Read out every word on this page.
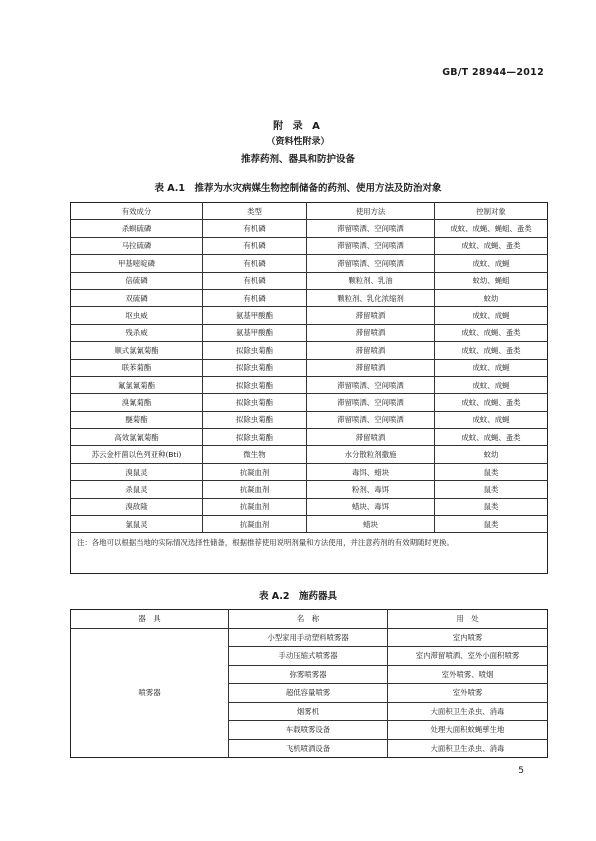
GB/T 28944—2012
附 录 A
（资料性附录）
推荐药剂、器具和防护设备
表 A.1　推荐为水灾病媒生物控制储备的药剂、使用方法及防治对象
有效成分	类型	使用方法	控制对象
杀螟硫磷	有机磷	滞留喷洒、空间喷洒	成蚊、成蝇、蝇蛆、蚤类
马拉硫磷	有机磷	滞留喷洒、空间喷洒	成蚊、成蝇、蚤类
甲基嘧啶磷	有机磷	滞留喷洒、空间喷洒	成蚊、成蝇
倍硫磷	有机磷	颗粒剂、乳油	蚊幼、蝇蛆
双硫磷	有机磷	颗粒剂、乳化浓缩剂	蚊幼
𫭟虫威	氨基甲酸酯	滞留喷洒	成蚊、成蝇
残杀威	氨基甲酸酯	滞留喷洒	成蚊、成蝇、蚤类
顺式氯氰菊酯	拟除虫菊酯	滞留喷洒	成蚊、成蝇、蚤类
联苯菊酯	拟除虫菊酯	滞留喷洒	成蚊、成蝇
氟氯氰菊酯	拟除虫菊酯	滞留喷洒、空间喷洒	成蚊、成蝇
溴氰菊酯	拟除虫菊酯	滞留喷洒、空间喷洒	成蚊、成蝇、蚤类
醚菊酯	拟除虫菊酯	滞留喷洒、空间喷洒	成蚊、成蝇
高效氯氰菊酯	拟除虫菊酯	滞留喷洒	成蚊、成蝇、蚤类
苏云金杆菌以色列亚种(Bti)	微生物	水分散粒剂撒施	蚊幼
溴鼠灵	抗凝血剂	毒饵、蜡块	鼠类
杀鼠灵	抗凝血剂	粉剂、毒饵	鼠类
溴敌隆	抗凝血剂	蜡块、毒饵	鼠类
氯鼠灵	抗凝血剂	蜡块	鼠类
注：各地可以根据当地的实际情况选择性储备，根据推荐使用说明剂量和方法使用，并注意药剂的有效期随时更换。			
表 A.2　施药器具
器　具	名　称	用　处
喷雾器	小型家用手动塑料喷雾器	室内喷雾
	手动压缩式喷雾器	室内滞留喷洒、室外小面积喷雾
	弥雾喷雾器	室外喷雾、喷烟
	超低容量喷雾	室外喷雾
	烟雾机	大面积卫生杀虫、消毒
	车载喷雾设备	处理大面积蚊蝇孳生地
	飞机喷洒设备	大面积卫生杀虫、消毒
5
